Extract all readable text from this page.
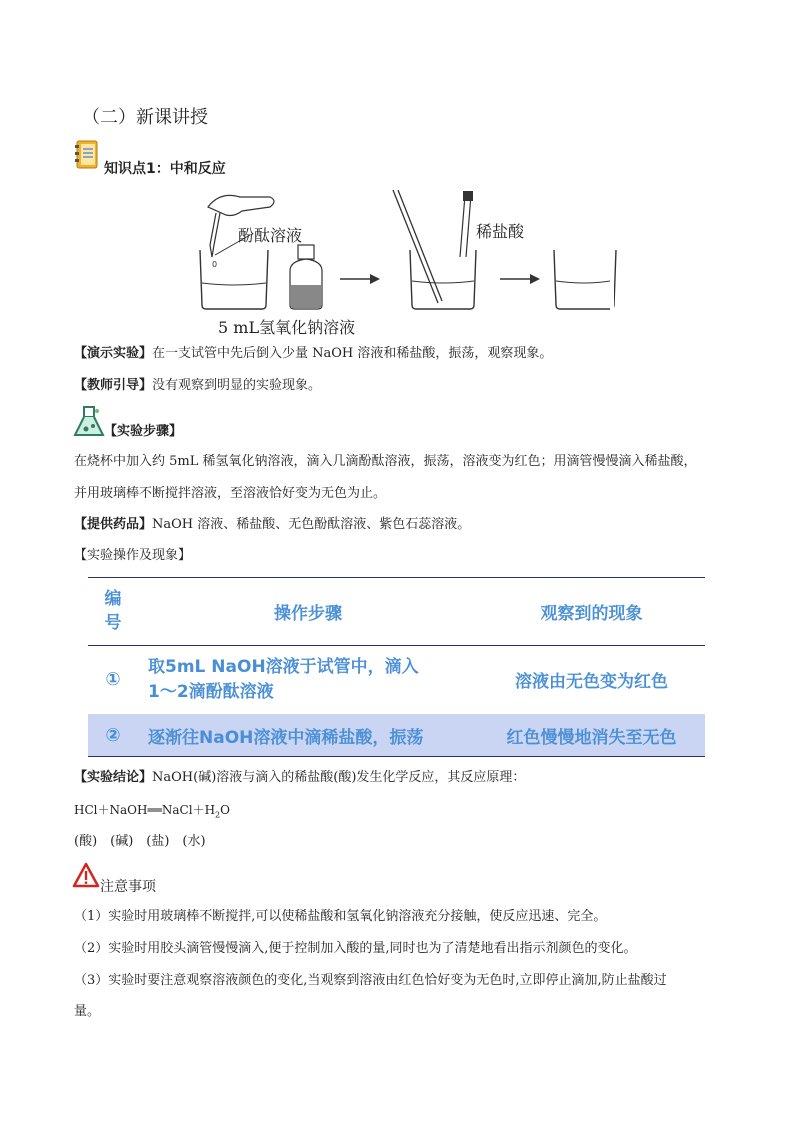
（二）新课讲授
知识点1：中和反应
0
酚酞溶液	稀盐酸
5 mL氢氧化钠溶液
【演示实验】在一支试管中先后倒入少量 NaOH 溶液和稀盐酸，振荡，观察现象。
【教师引导】没有观察到明显的实验现象。
【实验步骤】
在烧杯中加入约 5mL 稀氢氧化钠溶液，滴入几滴酚酞溶液，振荡，溶液变为红色；用滴管慢慢滴入稀盐酸，
并用玻璃棒不断搅拌溶液，至溶液恰好变为无色为止。
【提供药品】NaOH 溶液、稀盐酸、无色酚酞溶液、紫色石蕊溶液。
【实验操作及现象】
编
号	操作步骤	观察到的现象
①	取5mL NaOH溶液于试管中，滴入
1～2滴酚酞溶液	溶液由无色变为红色
②	逐渐往NaOH溶液中滴稀盐酸，振荡	红色慢慢地消失至无色
【实验结论】NaOH(碱)溶液与滴入的稀盐酸(酸)发生化学反应，其反应原理：
$HCl+NaOH══NaCl+H_2O$
(酸)　(碱)　(盐)　(水)
注意事项
（1）实验时用玻璃棒不断搅拌,可以使稀盐酸和氢氧化钠溶液充分接触，使反应迅速、完全。
（2）实验时用胶头滴管慢慢滴入,便于控制加入酸的量,同时也为了清楚地看出指示剂颜色的变化。
（3）实验时要注意观察溶液颜色的变化,当观察到溶液由红色恰好变为无色时,立即停止滴加,防止盐酸过
量。
